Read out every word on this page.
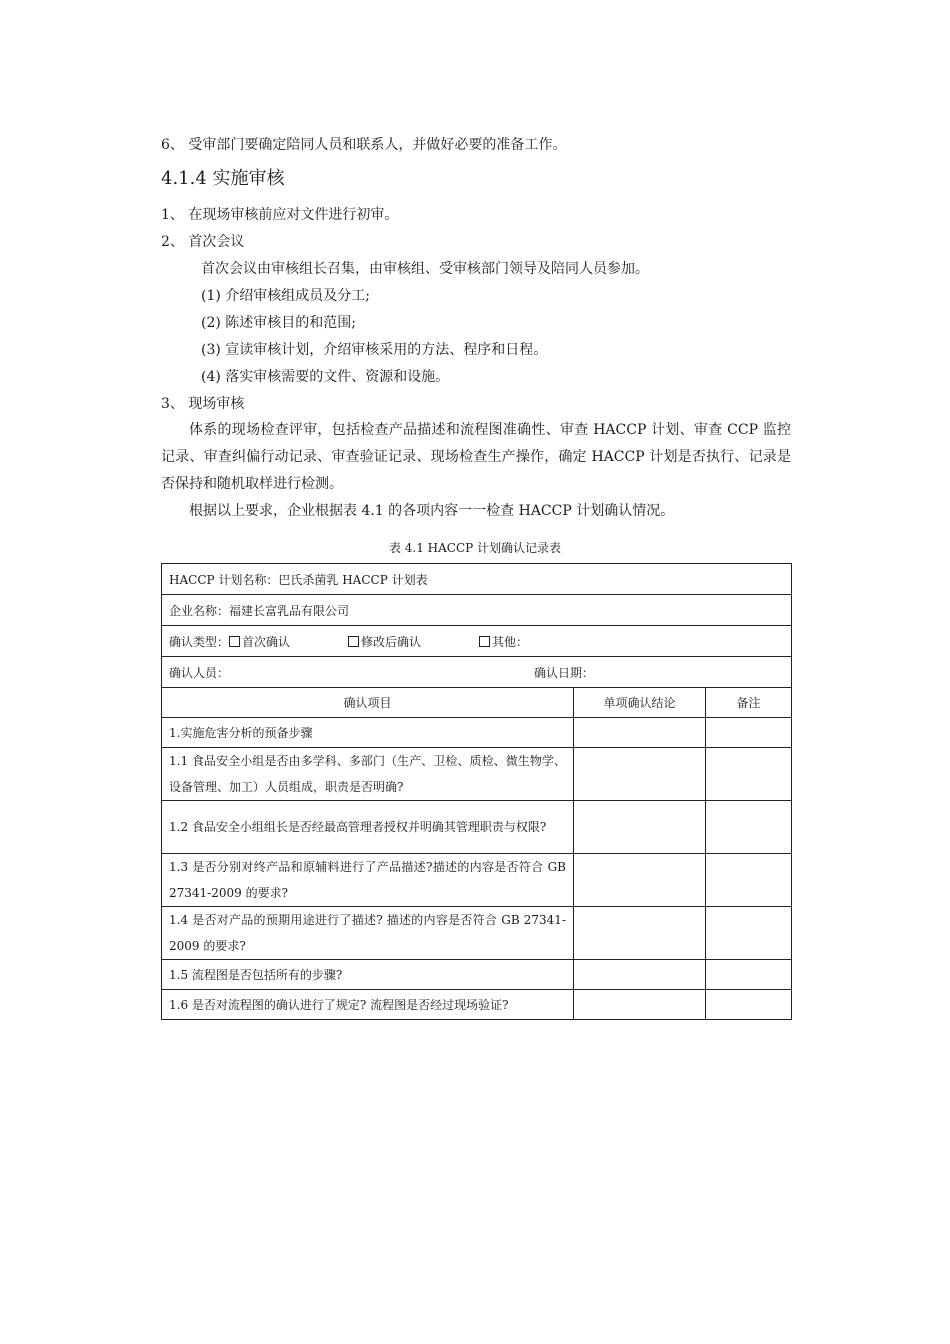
6、 受审部门要确定陪同人员和联系人，并做好必要的准备工作。
4.1.4 实施审核
1、 在现场审核前应对文件进行初审。
2、 首次会议
首次会议由审核组长召集，由审核组、受审核部门领导及陪同人员参加。
(1) 介绍审核组成员及分工;
(2) 陈述审核目的和范围;
(3) 宣读审核计划，介绍审核采用的方法、程序和日程。
(4) 落实审核需要的文件、资源和设施。
3、 现场审核
体系的现场检查评审，包括检查产品描述和流程图准确性、审查 HACCP 计划、审查 CCP 监控记录、审查纠偏行动记录、审查验证记录、现场检查生产操作，确定 HACCP 计划是否执行、记录是否保持和随机取样进行检测。
根据以上要求，企业根据表 4.1 的各项内容一一检查 HACCP 计划确认情况。
表 4.1 HACCP 计划确认记录表
HACCP 计划名称：巴氏杀菌乳 HACCP 计划表		
企业名称：福建长富乳品有限公司		
确认类型： 首次确认 修改后确认 其他：		
确认人员： 确认日期：		

确认项目	单项确认结论	备注
1.实施危害分析的预备步骤		
1.1 食品安全小组是否由多学科、多部门（生产、卫检、质检、微生物学、设备管理、加工）人员组成，职责是否明确?		
1.2 食品安全小组组长是否经最高管理者授权并明确其管理职责与权限?		
1.3 是否分别对终产品和原辅料进行了产品描述?描述的内容是否符合 GB 27341-2009 的要求?		
1.4 是否对产品的预期用途进行了描述? 描述的内容是否符合 GB 27341-2009 的要求?		
1.5 流程图是否包括所有的步骤?		
1.6 是否对流程图的确认进行了规定? 流程图是否经过现场验证?		
